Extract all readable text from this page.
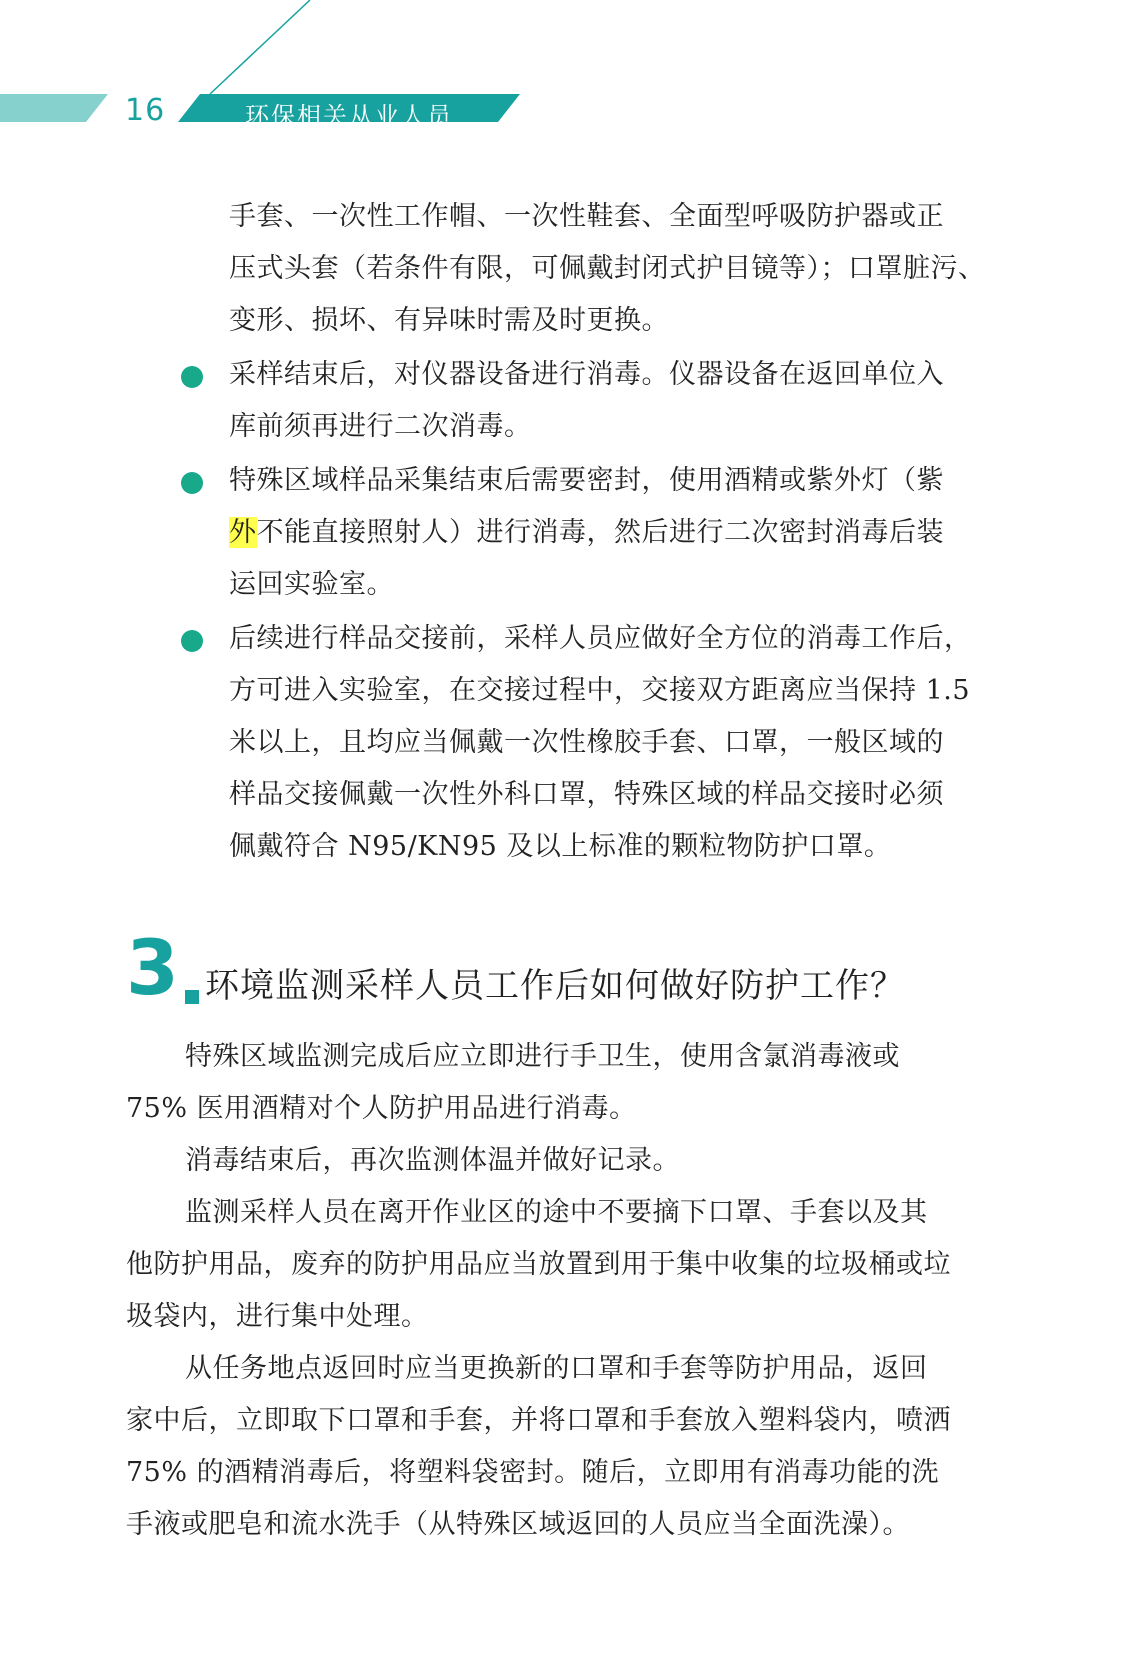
16	环保相关从业人员
手套、一次性工作帽、一次性鞋套、全面型呼吸防护器或正
压式头套（若条件有限，可佩戴封闭式护目镜等）；口罩脏污、
变形、损坏、有异味时需及时更换。
采样结束后，对仪器设备进行消毒。仪器设备在返回单位入
库前须再进行二次消毒。
特殊区域样品采集结束后需要密封，使用酒精或紫外灯（紫
外不能直接照射人）进行消毒，然后进行二次密封消毒后装
运回实验室。
后续进行样品交接前，采样人员应做好全方位的消毒工作后，
方可进入实验室，在交接过程中，交接双方距离应当保持 1.5
米以上，且均应当佩戴一次性橡胶手套、口罩，一般区域的
样品交接佩戴一次性外科口罩，特殊区域的样品交接时必须
佩戴符合 N95/KN95 及以上标准的颗粒物防护口罩。
3 环境监测采样人员工作后如何做好防护工作？
特殊区域监测完成后应立即进行手卫生，使用含氯消毒液或
75% 医用酒精对个人防护用品进行消毒。
消毒结束后，再次监测体温并做好记录。
监测采样人员在离开作业区的途中不要摘下口罩、手套以及其
他防护用品，废弃的防护用品应当放置到用于集中收集的垃圾桶或垃
圾袋内，进行集中处理。
从任务地点返回时应当更换新的口罩和手套等防护用品，返回
家中后，立即取下口罩和手套，并将口罩和手套放入塑料袋内，喷洒
75% 的酒精消毒后，将塑料袋密封。随后，立即用有消毒功能的洗
手液或肥皂和流水洗手（从特殊区域返回的人员应当全面洗澡）。
